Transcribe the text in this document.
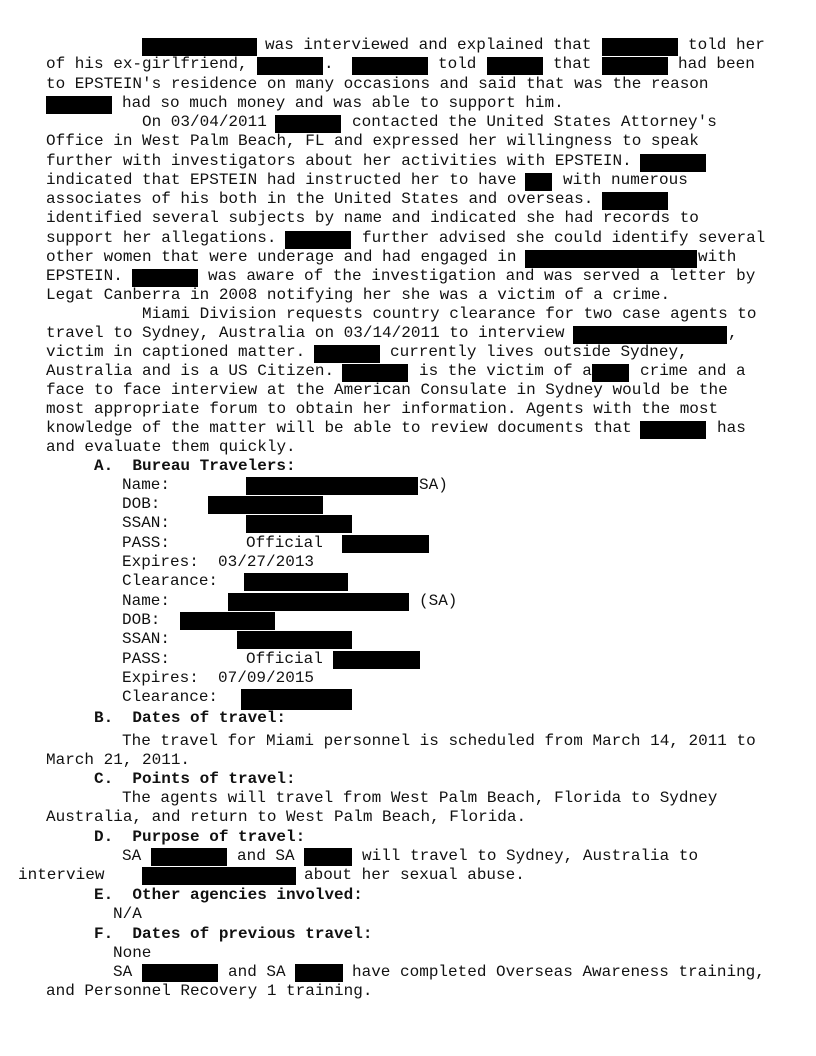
was interviewed and explained that	told her
of his ex-girlfriend,	.	told	that	had been
to EPSTEIN's residence on many occasions and said that was the reason
had so much money and was able to support him.
On 03/04/2011	contacted the United States Attorney's
Office in West Palm Beach, FL and expressed her willingness to speak
further with investigators about her activities with EPSTEIN.
indicated that EPSTEIN had instructed her to have	with numerous
associates of his both in the United States and overseas.
identified several subjects by name and indicated she had records to
support her allegations.	further advised she could identify several
other women that were underage and had engaged in	with
EPSTEIN.	was aware of the investigation and was served a letter by
Legat Canberra in 2008 notifying her she was a victim of a crime.
Miami Division requests country clearance for two case agents to
travel to Sydney, Australia on 03/14/2011 to interview	,
victim in captioned matter.	currently lives outside Sydney,
Australia and is a US Citizen.	is the victim of a	crime and a
face to face interview at the American Consulate in Sydney would be the
most appropriate forum to obtain her information. Agents with the most
knowledge of the matter will be able to review documents that	has
and evaluate them quickly.
A.  Bureau Travelers:
Name:	SA)
DOB:
SSAN:
PASS:	Official
Expires:  03/27/2013
Clearance:
Name:	(SA)
DOB:
SSAN:
PASS:	Official
Expires:  07/09/2015
Clearance:
B.  Dates of travel:
The travel for Miami personnel is scheduled from March 14, 2011 to
March 21, 2011.
C.  Points of travel:
The agents will travel from West Palm Beach, Florida to Sydney
Australia, and return to West Palm Beach, Florida.
D.  Purpose of travel:
SA	and SA	will travel to Sydney, Australia to
interview	about her sexual abuse.
E.  Other agencies involved:
N/A
F.  Dates of previous travel:
None
SA	and SA	have completed Overseas Awareness training,
and Personnel Recovery 1 training.
